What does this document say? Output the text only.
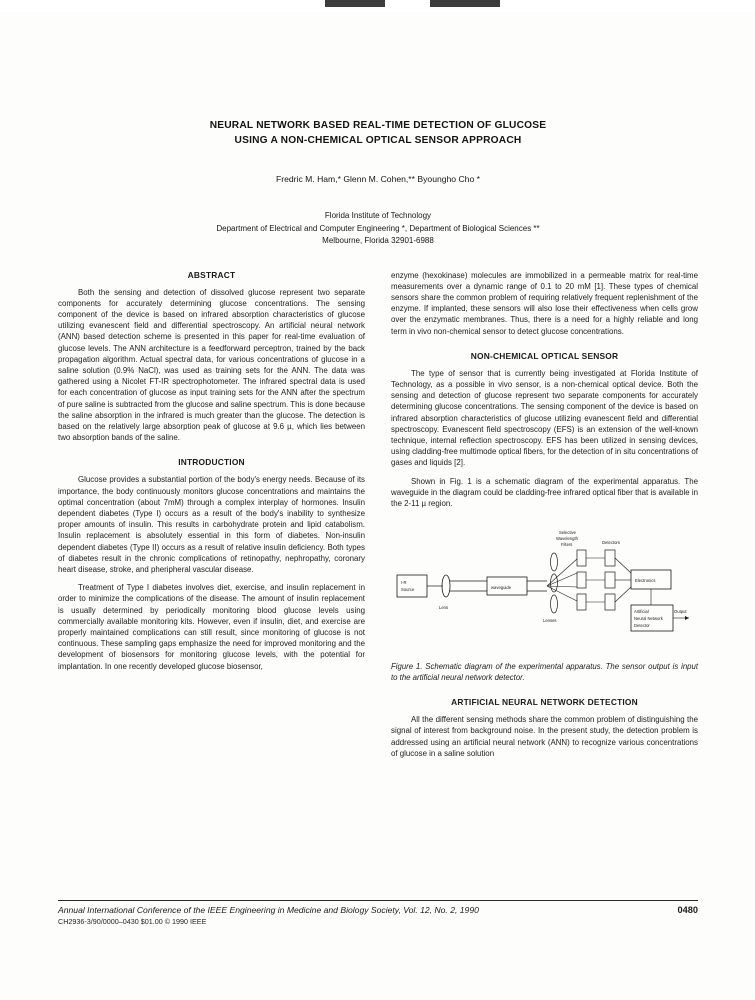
NEURAL NETWORK BASED REAL-TIME DETECTION OF GLUCOSE
USING A NON-CHEMICAL OPTICAL SENSOR APPROACH
Fredric M. Ham,* Glenn M. Cohen,** Byoungho Cho *
Florida Institute of Technology
Department of Electrical and Computer Engineering *, Department of Biological Sciences **
Melbourne, Florida 32901-6988
ABSTRACT

Both the sensing and detection of dissolved glucose represent two separate components for accurately determining glucose concentrations. The sensing component of the device is based on infrared absorption characteristics of glucose utilizing evanescent field and differential spectroscopy. An artificial neural network (ANN) based detection scheme is presented in this paper for real-time evaluation of glucose levels. The ANN architecture is a feedforward perceptron, trained by the back propagation algorithm. Actual spectral data, for various concentrations of glucose in a saline solution (0.9% NaCl), was used as training sets for the ANN. The data was gathered using a Nicolet FT-IR spectrophotometer. The infrared spectral data is used for each concentration of glucose as input training sets for the ANN after the spectrum of pure saline is subtracted from the glucose and saline spectrum. This is done because the saline absorption in the infrared is much greater than the glucose. The detection is based on the relatively large absorption peak of glucose at 9.6 µ, which lies between two absorption bands of the saline.

INTRODUCTION

Glucose provides a substantial portion of the body's energy needs. Because of its importance, the body continuously monitors glucose concentrations and maintains the optimal concentration (about 7mM) through a complex interplay of hormones. Insulin dependent diabetes (Type I) occurs as a result of the body's inability to synthesize proper amounts of insulin. This results in carbohydrate protein and lipid catabolism. Insulin replacement is absolutely essential in this form of diabetes. Non-insulin dependent diabetes (Type II) occurs as a result of relative insulin deficiency. Both types of diabetes result in the chronic complications of retinopathy, nephropathy, coronary heart disease, stroke, and pheripheral vascular disease.

Treatment of Type I diabetes involves diet, exercise, and insulin replacement in order to minimize the complications of the disease. The amount of insulin replacement is usually determined by periodically monitoring blood glucose levels using commercially available monitoring kits. However, even if insulin, diet, and exercise are properly maintained complications can still result, since monitoring of glucose is not continuous. These sampling gaps emphasize the need for improved monitoring and the development of biosensors for monitoring glucose levels, with the potential for implantation. In one recently developed glucose biosensor,

enzyme (hexokinase) molecules are immobilized in a permeable matrix for real-time measurements over a dynamic range of 0.1 to 20 mM [1]. These types of chemical sensors share the common problem of requiring relatively frequent replenishment of the enzyme. If implanted, these sensors will also lose their effectiveness when cells grow over the enzymatic membranes. Thus, there is a need for a highly reliable and long term in vivo non-chemical sensor to detect glucose concentrations.

NON-CHEMICAL OPTICAL SENSOR

The type of sensor that is currently being investigated at Florida Institute of Technology, as a possible in vivo sensor, is a non-chemical optical device. Both the sensing and detection of glucose represent two separate components for accurately determining glucose concentrations. The sensing component of the device is based on infrared absorption characteristics of glucose utilizing evanescent field and differential spectroscopy. Evanescent field spectroscopy (EFS) is an extension of the well-known technique, internal reflection spectroscopy. EFS has been utilized in sensing devices, using cladding-free multimode optical fibers, for the detection of in situ concentrations of gases and liquids [2].

Shown in Fig. 1 is a schematic diagram of the experimental apparatus. The waveguide in the diagram could be cladding-free infrared optical fiber that is available in the 2-11 µ region.

I-R
Source
Lens
waveguide
Lenses
Selective
Wavelength
Filters	Detectors
Electronics
Artificial
Neural Network
Detector
Output
Figure 1. Schematic diagram of the experimental apparatus. The sensor output is input to the artificial neural network detector.
ARTIFICIAL NEURAL NETWORK DETECTION

All the different sensing methods share the common problem of distinguishing the signal of interest from background noise. In the present study, the detection problem is addressed using an artificial neural network (ANN) to recognize various concentrations of glucose in a saline solution

Annual International Conference of the IEEE Engineering in Medicine and Biology Society, Vol. 12, No. 2, 1990	0480
CH2936-3/90/0000–0430 $01.00 © 1990 IEEE
